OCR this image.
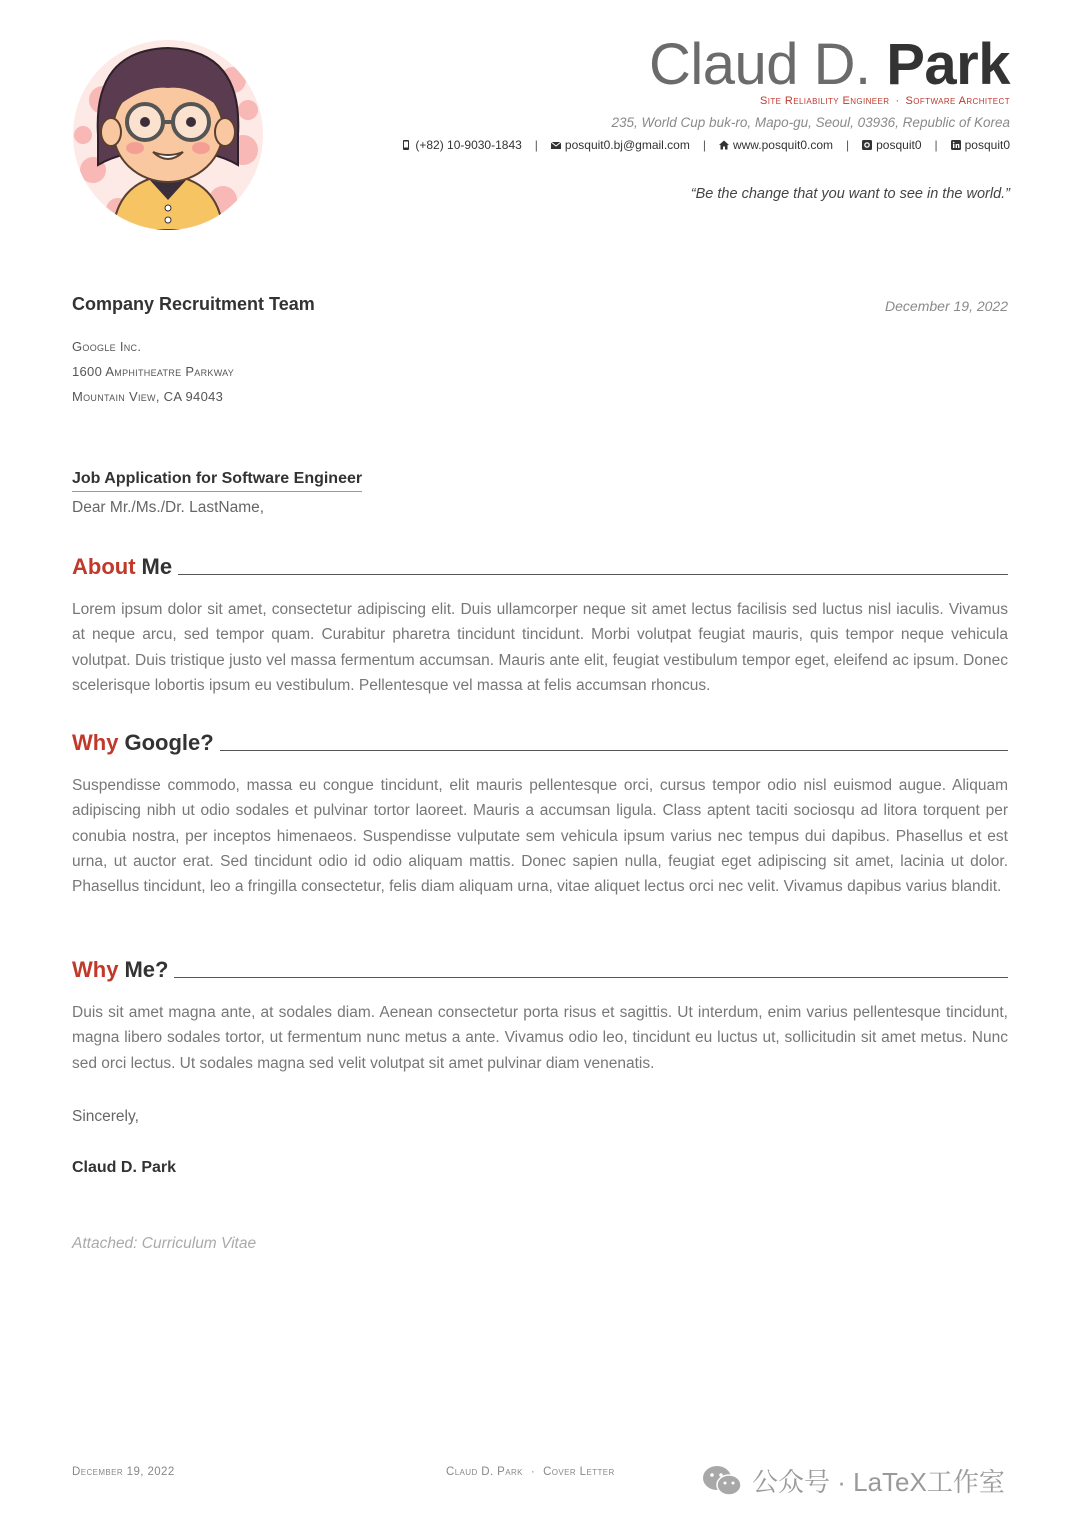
Claud D. Park
Site Reliability Engineer · Software Architect
235, World Cup buk-ro, Mapo-gu, Seoul, 03936, Republic of Korea
(+82) 10-9030-1843 | posquit0.bj@gmail.com | www.posquit0.com | posquit0 | posquit0
“Be the change that you want to see in the world.”
Company Recruitment Team	December 19, 2022
Google Inc.
1600 Amphitheatre Parkway
Mountain View, CA 94043
Job Application for Software Engineer
Dear Mr./Ms./Dr. LastName,
About Me
Lorem ipsum dolor sit amet, consectetur adipiscing elit. Duis ullamcorper neque sit amet lectus facilisis sed luctus nisl iaculis. Vivamus at neque arcu, sed tempor quam. Curabitur pharetra tincidunt tincidunt. Morbi volutpat feugiat mauris, quis tempor neque vehicula volutpat. Duis tristique justo vel massa fermentum accumsan. Mauris ante elit, feugiat vestibulum tempor eget, eleifend ac ipsum. Donec scelerisque lobortis ipsum eu vestibulum. Pellentesque vel massa at felis accumsan rhoncus.
Why Google?
Suspendisse commodo, massa eu congue tincidunt, elit mauris pellentesque orci, cursus tempor odio nisl euismod augue. Aliquam adipiscing nibh ut odio sodales et pulvinar tortor laoreet. Mauris a accumsan ligula. Class aptent taciti sociosqu ad litora torquent per conubia nostra, per inceptos himenaeos. Suspendisse vulputate sem vehicula ipsum varius nec tempus dui dapibus. Phasellus et est urna, ut auctor erat. Sed tincidunt odio id odio aliquam mattis. Donec sapien nulla, feugiat eget adipiscing sit amet, lacinia ut dolor. Phasellus tincidunt, leo a fringilla consectetur, felis diam aliquam urna, vitae aliquet lectus orci nec velit. Vivamus dapibus varius blandit.
Why Me?
Duis sit amet magna ante, at sodales diam. Aenean consectetur porta risus et sagittis. Ut interdum, enim varius pellentesque tincidunt, magna libero sodales tortor, ut fermentum nunc metus a ante. Vivamus odio leo, tincidunt eu luctus ut, sollicitudin sit amet metus. Nunc sed orci lectus. Ut sodales magna sed velit volutpat sit amet pulvinar diam venenatis.
Sincerely,
Claud D. Park
Attached: Curriculum Vitae
December 19, 2022	Claud D. Park · Cover Letter	公众号 · LaTeX工作室
